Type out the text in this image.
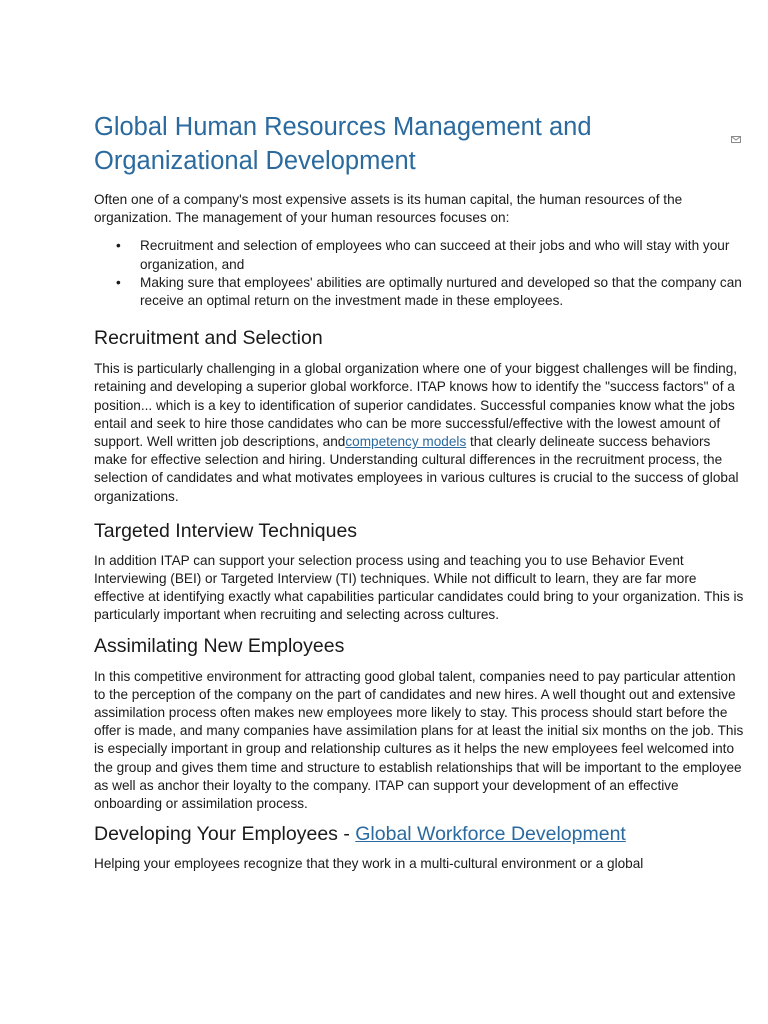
Global Human Resources Management and Organizational Development

Often one of a company's most expensive assets is its human capital, the human resources of the organization. The management of your human resources focuses on:

• Recruitment and selection of employees who can succeed at their jobs and who will stay with your organization, and
• Making sure that employees' abilities are optimally nurtured and developed so that the company can receive an optimal return on the investment made in these employees.
Recruitment and Selection

This is particularly challenging in a global organization where one of your biggest challenges will be finding, retaining and developing a superior global workforce. ITAP knows how to identify the "success factors" of a position... which is a key to identification of superior candidates. Successful companies know what the jobs entail and seek to hire those candidates who can be more successful/effective with the lowest amount of support. Well written job descriptions, andcompetency models that clearly delineate success behaviors make for effective selection and hiring. Understanding cultural differences in the recruitment process, the selection of candidates and what motivates employees in various cultures is crucial to the success of global organizations.

Targeted Interview Techniques

In addition ITAP can support your selection process using and teaching you to use Behavior Event Interviewing (BEI) or Targeted Interview (TI) techniques. While not difficult to learn, they are far more effective at identifying exactly what capabilities particular candidates could bring to your organization. This is particularly important when recruiting and selecting across cultures.

Assimilating New Employees

In this competitive environment for attracting good global talent, companies need to pay particular attention to the perception of the company on the part of candidates and new hires. A well thought out and extensive assimilation process often makes new employees more likely to stay. This process should start before the offer is made, and many companies have assimilation plans for at least the initial six months on the job. This is especially important in group and relationship cultures as it helps the new employees feel welcomed into the group and gives them time and structure to establish relationships that will be important to the employee as well as anchor their loyalty to the company. ITAP can support your development of an effective onboarding or assimilation process.

Developing Your Employees - Global Workforce Development

Helping your employees recognize that they work in a multi-cultural environment or a global
